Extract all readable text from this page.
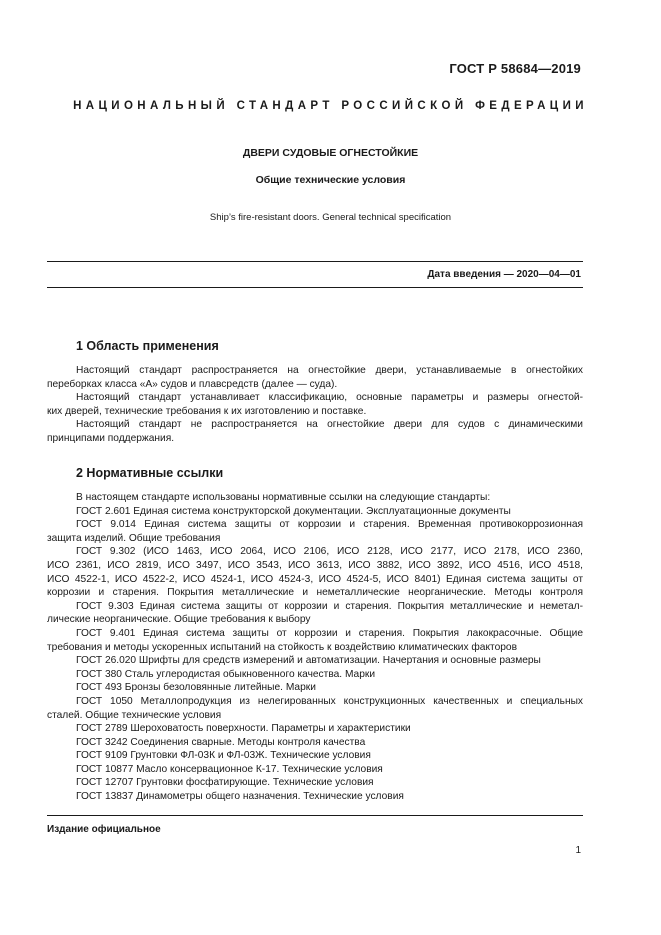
ГОСТ Р 58684—2019
НАЦИОНАЛЬНЫЙ СТАНДАРТ РОССИЙСКОЙ ФЕДЕРАЦИИ
ДВЕРИ СУДОВЫЕ ОГНЕСТОЙКИЕ
Общие технические условия
Ship’s fire-resistant doors. General technical specification
Дата введения — 2020—04—01
1 Область применения
Настоящий стандарт распространяется на огнестойкие двери, устанавливаемые в огнестойких
переборках класса «А» судов и плавсредств (далее — суда).
Настоящий стандарт устанавливает классификацию, основные параметры и размеры огнестой-
ких дверей, технические требования к их изготовлению и поставке.
Настоящий стандарт не распространяется на огнестойкие двери для судов с динамическими
принципами поддержания.
2 Нормативные ссылки
В настоящем стандарте использованы нормативные ссылки на следующие стандарты:
ГОСТ 2.601 Единая система конструкторской документации. Эксплуатационные документы
ГОСТ 9.014 Единая система защиты от коррозии и старения. Временная противокоррозионная
защита изделий. Общие требования
ГОСТ 9.302 (ИСО 1463, ИСО 2064, ИСО 2106, ИСО 2128, ИСО 2177, ИСО 2178, ИСО 2360,
ИСО 2361, ИСО 2819, ИСО 3497, ИСО 3543, ИСО 3613, ИСО 3882, ИСО 3892, ИСО 4516, ИСО 4518,
ИСО 4522-1, ИСО 4522-2, ИСО 4524-1, ИСО 4524-3, ИСО 4524-5, ИСО 8401) Единая система защиты от
коррозии и старения. Покрытия металлические и неметаллические неорганические. Методы контроля
ГОСТ 9.303 Единая система защиты от коррозии и старения. Покрытия металлические и неметал-
лические неорганические. Общие требования к выбору
ГОСТ 9.401 Единая система защиты от коррозии и старения. Покрытия лакокрасочные. Общие
требования и методы ускоренных испытаний на стойкость к воздействию климатических факторов
ГОСТ 26.020 Шрифты для средств измерений и автоматизации. Начертания и основные размеры
ГОСТ 380 Сталь углеродистая обыкновенного качества. Марки
ГОСТ 493 Бронзы безоловянные литейные. Марки
ГОСТ 1050 Металлопродукция из нелегированных конструкционных качественных и специальных
сталей. Общие технические условия
ГОСТ 2789 Шероховатость поверхности. Параметры и характеристики
ГОСТ 3242 Соединения сварные. Методы контроля качества
ГОСТ 9109 Грунтовки ФЛ-03К и ФЛ-03Ж. Технические условия
ГОСТ 10877 Масло консервационное К-17. Технические условия
ГОСТ 12707 Грунтовки фосфатирующие. Технические условия
ГОСТ 13837 Динамометры общего назначения. Технические условия
Издание официальное
1
